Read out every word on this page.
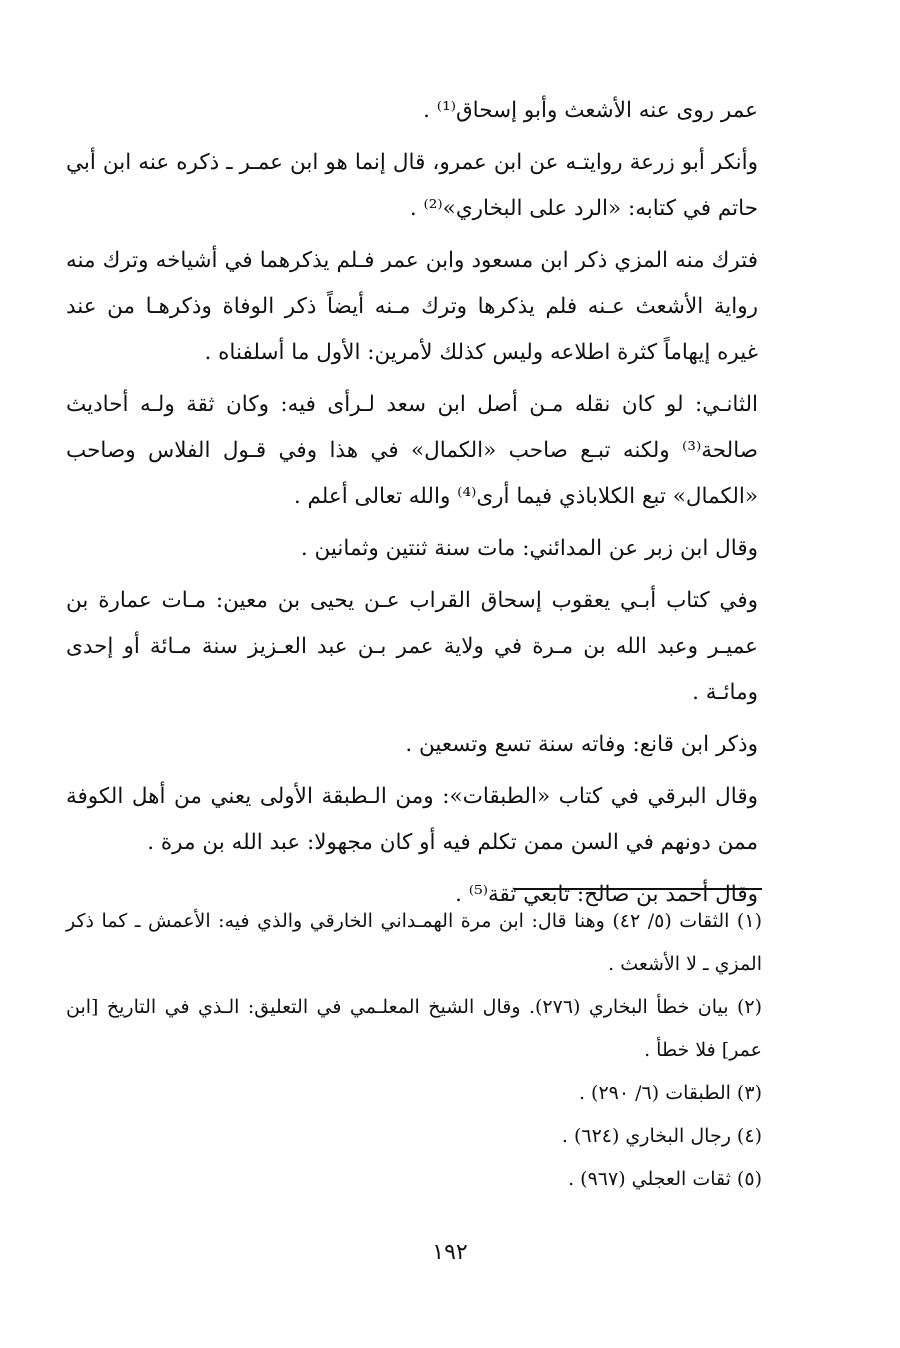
عمر روى عنه الأشعث وأبو إسحاق⁽¹⁾ .

وأنكر أبو زرعة روايتـه عن ابن عمرو، قال إنما هو ابن عمـر ـ ذكره عنه ابن أبي حاتم في كتابه: «الرد على البخاري»⁽²⁾ .

فترك منه المزي ذكر ابن مسعود وابن عمر فـلم يذكرهما في أشياخه وترك منه رواية الأشعث عـنه فلم يذكرها وترك مـنه أيضاً ذكر الوفاة وذكرهـا من عند غيره إيهاماً كثرة اطلاعه وليس كذلك لأمرين: الأول ما أسلفناه .

الثانـي: لو كان نقله مـن أصل ابن سعد لـرأى فيه: وكان ثقة ولـه أحاديث صالحة⁽³⁾ ولكنه تبـع صاحب «الكمال» في هذا وفي قـول الفلاس وصاحب «الكمال» تبع الكلاباذي فيما أرى⁽⁴⁾ والله تعالى أعلم .

وقال ابن زبر عن المدائني: مات سنة ثنتين وثمانين .

وفي كتاب أبـي يعقوب إسحاق القراب عـن يحيى بن معين: مـات عمارة بن عميـر وعبد الله بن مـرة في ولاية عمر بـن عبد العـزيز سنة مـائة أو إحدى ومائـة .

وذكر ابن قانع: وفاته سنة تسع وتسعين .

وقال البرقي في كتاب «الطبقات»: ومن الـطبقة الأولى يعني من أهل الكوفة ممن دونهم في السن ممن تكلم فيه أو كان مجهولا: عبد الله بن مرة .

وقال أحمد بن صالح: تابعي ثقة⁽⁵⁾ .

(١) الثقات (٥/ ٤٢) وهنا قال: ابن مرة الهمـداني الخارقي والذي فيه: الأعمش ـ كما ذكر المزي ـ لا الأشعث .

(٢) بيان خطأ البخاري (٢٧٦). وقال الشيخ المعلـمي في التعليق: الـذي في التاريخ [ابن عمر] فلا خطأ .

(٣) الطبقات (٦/ ٢٩٠) .

(٤) رجال البخاري (٦٢٤) .

(٥) ثقات العجلي (٩٦٧) .

١٩٢
